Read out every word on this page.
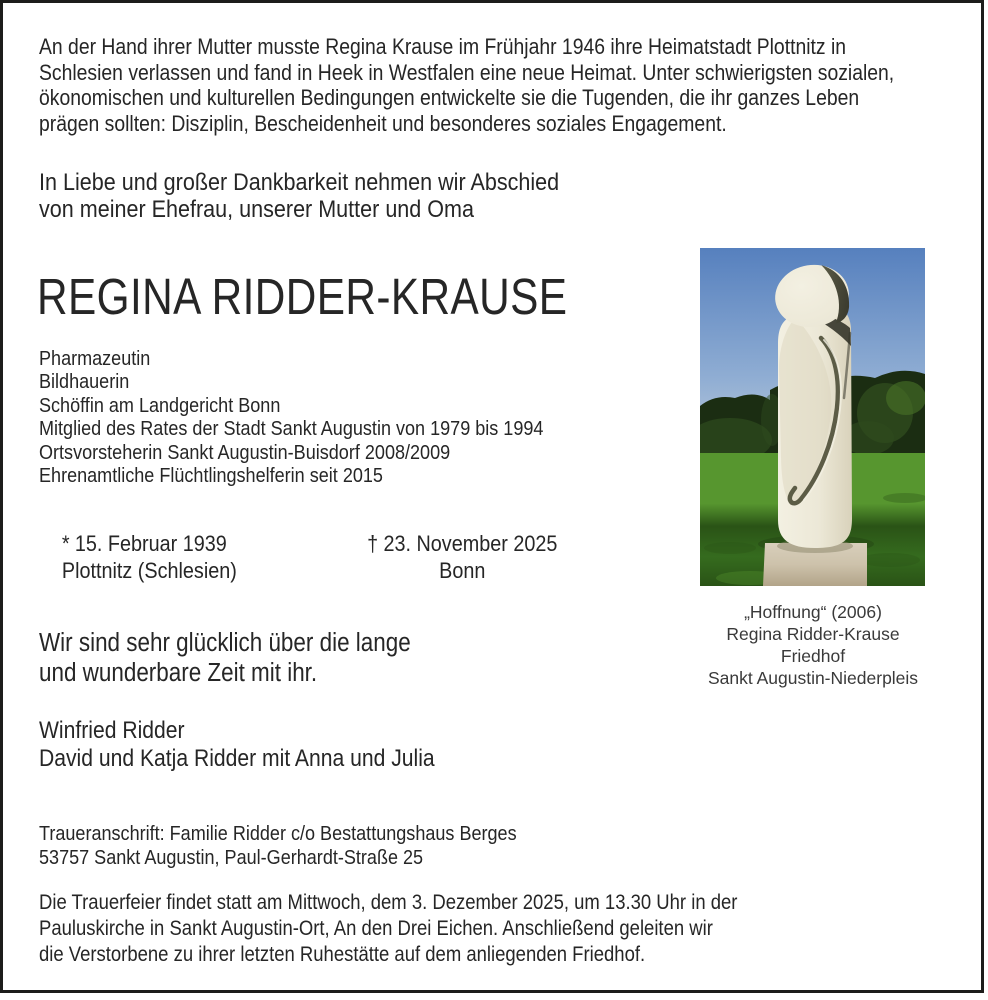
An der Hand ihrer Mutter musste Regina Krause im Frühjahr 1946 ihre Heimatstadt Plottnitz in
Schlesien verlassen und fand in Heek in Westfalen eine neue Heimat. Unter schwierigsten sozialen,
ökonomischen und kulturellen Bedingungen entwickelte sie die Tugenden, die ihr ganzes Leben
prägen sollten: Disziplin, Bescheidenheit und besonderes soziales Engagement.
In Liebe und großer Dankbarkeit nehmen wir Abschied
von meiner Ehefrau, unserer Mutter und Oma
REGINA RIDDER-KRAUSE
Pharmazeutin
Bildhauerin
Schöffin am Landgericht Bonn
Mitglied des Rates der Stadt Sankt Augustin von 1979 bis 1994
Ortsvorsteherin Sankt Augustin-Buisdorf 2008/2009
Ehrenamtliche Flüchtlingshelferin seit 2015
* 15. Februar 1939
Plottnitz (Schlesien)
† 23. November 2025
Bonn
Wir sind sehr glücklich über die lange
und wunderbare Zeit mit ihr.
Winfried Ridder
David und Katja Ridder mit Anna und Julia
Traueranschrift: Familie Ridder c/o Bestattungshaus Berges
53757 Sankt Augustin, Paul-Gerhardt-Straße 25
Die Trauerfeier findet statt am Mittwoch, dem 3. Dezember 2025, um 13.30 Uhr in der
Pauluskirche in Sankt Augustin-Ort, An den Drei Eichen. Anschließend geleiten wir
die Verstorbene zu ihrer letzten Ruhestätte auf dem anliegenden Friedhof.
„Hoffnung“ (2006)
Regina Ridder-Krause
Friedhof
Sankt Augustin-Niederpleis
